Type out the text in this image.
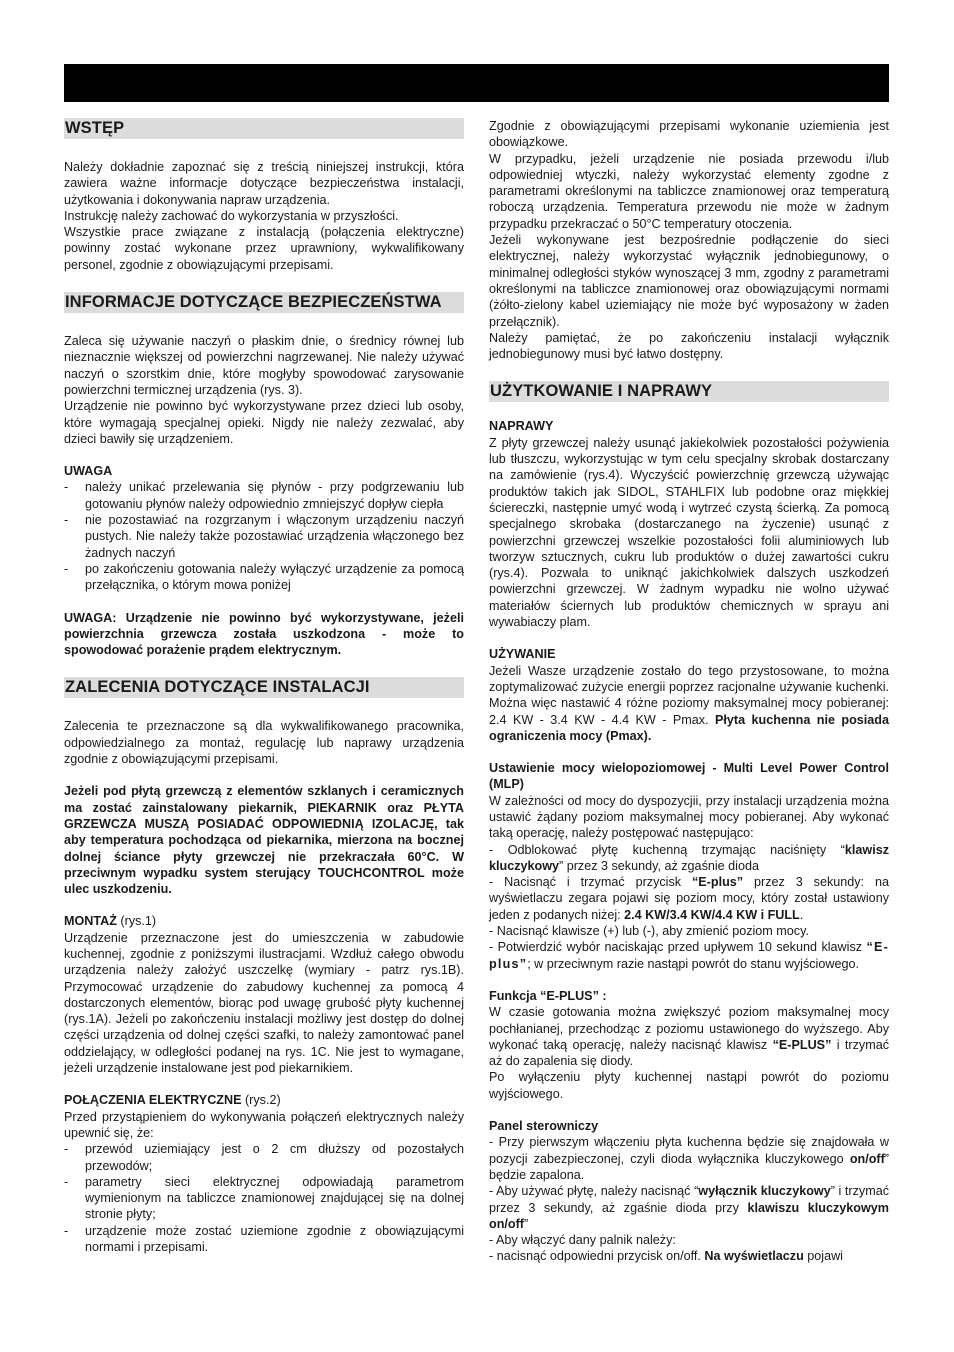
WSTĘP

Należy dokładnie zapoznać się z treścią niniejszej instrukcji, która zawiera ważne informacje dotyczące bezpieczeństwa instalacji, użytkowania i dokonywania napraw urządzenia.

Instrukcję należy zachować do wykorzystania w przyszłości.

Wszystkie prace związane z instalacją (połączenia elektryczne) powinny zostać wykonane przez uprawniony, wykwalifikowany personel, zgodnie z obowiązującymi przepisami.

INFORMACJE DOTYCZĄCE BEZPIECZEŃSTWA

Zaleca się używanie naczyń o płaskim dnie, o średnicy równej lub nieznacznie większej od powierzchni nagrzewanej. Nie należy używać naczyń o szorstkim dnie, które mogłyby spowodować zarysowanie powierzchni termicznej urządzenia (rys. 3).

Urządzenie nie powinno być wykorzystywane przez dzieci lub osoby, które wymagają specjalnej opieki. Nigdy nie należy zezwalać, aby dzieci bawiły się urządzeniem.

UWAGA

- należy unikać przelewania się płynów - przy podgrzewaniu lub gotowaniu płynów należy odpowiednio zmniejszyć dopływ ciepła
- nie pozostawiać na rozgrzanym i włączonym urządzeniu naczyń pustych. Nie należy także pozostawiać urządzenia włączonego bez żadnych naczyń
- po zakończeniu gotowania należy wyłączyć urządzenie za pomocą przełącznika, o którym mowa poniżej

UWAGA: Urządzenie nie powinno być wykorzystywane, jeżeli powierzchnia grzewcza została uszkodzona - może to spowodować porażenie prądem elektrycznym.

ZALECENIA DOTYCZĄCE INSTALACJI

Zalecenia te przeznaczone są dla wykwalifikowanego pracownika, odpowiedzialnego za montaż, regulację lub naprawy urządzenia zgodnie z obowiązującymi przepisami.

Jeżeli pod płytą grzewczą z elementów szklanych i ceramicznych ma zostać zainstalowany piekarnik, PIEKARNIK oraz PŁYTA GRZEWCZA MUSZĄ POSIADAĆ ODPOWIEDNIĄ IZOLACJĘ, tak aby temperatura pochodząca od piekarnika, mierzona na bocznej dolnej ściance płyty grzewczej nie przekraczała 60°C. W przeciwnym wypadku system sterujący TOUCHCONTROL może ulec uszkodzeniu.

MONTAŻ (rys.1)

Urządzenie przeznaczone jest do umieszczenia w zabudowie kuchennej, zgodnie z poniższymi ilustracjami. Wzdłuż całego obwodu urządzenia należy założyć uszczelkę (wymiary - patrz rys.1B). Przymocować urządzenie do zabudowy kuchennej za pomocą 4 dostarczonych elementów, biorąc pod uwagę grubość płyty kuchennej (rys.1A). Jeżeli po zakończeniu instalacji możliwy jest dostęp do dolnej części urządzenia od dolnej części szafki, to należy zamontować panel oddzielający, w odległości podanej na rys. 1C. Nie jest to wymagane, jeżeli urządzenie instalowane jest pod piekarnikiem.

POŁĄCZENIA ELEKTRYCZNE (rys.2)

Przed przystąpieniem do wykonywania połączeń elektrycznych należy upewnić się, że:

- przewód uziemiający jest o 2 cm dłuższy od pozostałych przewodów;
- parametry sieci elektrycznej odpowiadają parametrom wymienionym na tabliczce znamionowej znajdującej się na dolnej stronie płyty;
- urządzenie może zostać uziemione zgodnie z obowiązującymi normami i przepisami.

Zgodnie z obowiązującymi przepisami wykonanie uziemienia jest obowiązkowe.

W przypadku, jeżeli urządzenie nie posiada przewodu i/lub odpowiedniej wtyczki, należy wykorzystać elementy zgodne z parametrami określonymi na tabliczce znamionowej oraz temperaturą roboczą urządzenia. Temperatura przewodu nie może w żadnym przypadku przekraczać o 50°C temperatury otoczenia.

Jeżeli wykonywane jest bezpośrednie podłączenie do sieci elektrycznej, należy wykorzystać wyłącznik jednobiegunowy, o minimalnej odległości styków wynoszącej 3 mm, zgodny z parametrami określonymi na tabliczce znamionowej oraz obowiązującymi normami (żółto-zielony kabel uziemiający nie może być wyposażony w żaden przełącznik).

Należy pamiętać, że po zakończeniu instalacji wyłącznik jednobiegunowy musi być łatwo dostępny.

UŻYTKOWANIE I NAPRAWY

NAPRAWY

Z płyty grzewczej należy usunąć jakiekolwiek pozostałości pożywienia lub tłuszczu, wykorzystując w tym celu specjalny skrobak dostarczany na zamówienie (rys.4). Wyczyścić powierzchnię grzewczą używając produktów takich jak SIDOL, STAHLFIX lub podobne oraz miękkiej ściereczki, następnie umyć wodą i wytrzeć czystą ścierką. Za pomocą specjalnego skrobaka (dostarczanego na życzenie) usunąć z powierzchni grzewczej wszelkie pozostałości folii aluminiowych lub tworzyw sztucznych, cukru lub produktów o dużej zawartości cukru (rys.4). Pozwala to uniknąć jakichkolwiek dalszych uszkodzeń powierzchni grzewczej. W żadnym wypadku nie wolno używać materiałów ściernych lub produktów chemicznych w sprayu ani wywabiaczy plam.

UŻYWANIE

Jeżeli Wasze urządzenie zostało do tego przystosowane, to można zoptymalizować zużycie energii poprzez racjonalne używanie kuchenki. Można więc nastawić 4 różne poziomy maksymalnej mocy pobieranej: 2.4 KW - 3.4 KW - 4.4 KW - Pmax. Płyta kuchenna nie posiada ograniczenia mocy (Pmax).

Ustawienie mocy wielopoziomowej - Multi Level Power Control (MLP)

W zależności od mocy do dyspozycjii, przy instalacji urządzenia można ustawić żądany poziom maksymalnej mocy pobieranej. Aby wykonać taką operację, należy postępować następująco:

- Odblokować płytę kuchenną trzymając naciśnięty “klawisz kluczykowy” przez 3 sekundy, aż zgaśnie dioda

- Nacisnąć i trzymać przycisk “E-plus” przez 3 sekundy: na wyświetlaczu zegara pojawi się poziom mocy, który został ustawiony jeden z podanych niżej: 2.4 KW/3.4 KW/4.4 KW i FULL.

- Nacisnąć klawisze (+) lub (-), aby zmienić poziom mocy.

- Potwierdzić wybór naciskając przed upływem 10 sekund klawisz “E-plus”; w przeciwnym razie nastąpi powrót do stanu wyjściowego.

Funkcja “E-PLUS” :

W czasie gotowania można zwiększyć poziom maksymalnej mocy pochłanianej, przechodząc z poziomu ustawionego do wyższego. Aby wykonać taką operację, należy nacisnąć klawisz “E-PLUS” i trzymać aż do zapalenia się diody.

Po wyłączeniu płyty kuchennej nastąpi powrót do poziomu wyjściowego.

Panel sterowniczy

- Przy pierwszym włączeniu płyta kuchenna będzie się znajdowała w pozycji zabezpieczonej, czyli dioda wyłącznika kluczykowego on/off” będzie zapalona.

- Aby używać płytę, należy nacisnąć “wyłącznik kluczykowy” i trzymać przez 3 sekundy, aż zgaśnie dioda przy klawiszu kluczykowym on/off”

- Aby włączyć dany palnik należy:

- nacisnąć odpowiedni przycisk on/off. Na wyświetlaczu pojawi
